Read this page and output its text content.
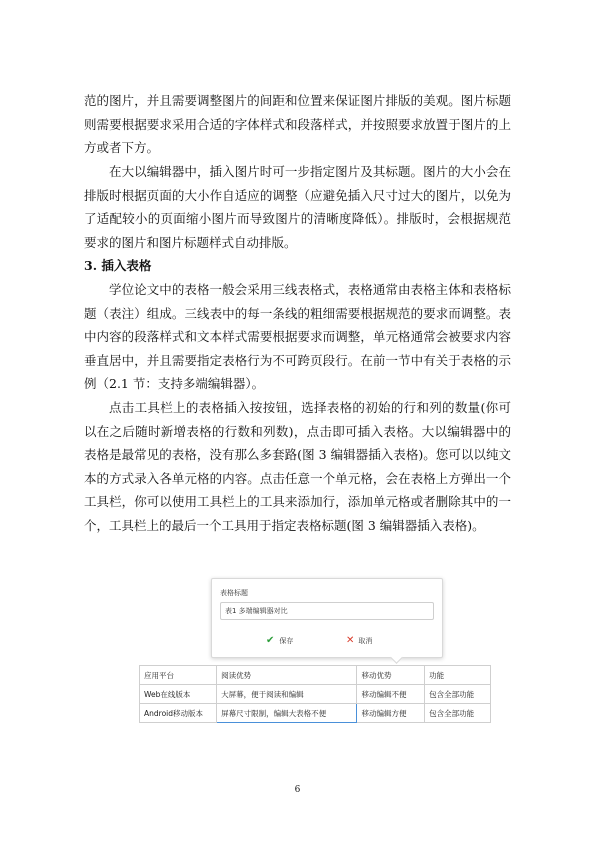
范的图片，并且需要调整图片的间距和位置来保证图片排版的美观。图片标题则需要根据要求采用合适的字体样式和段落样式，并按照要求放置于图片的上方或者下方。

在大以编辑器中，插入图片时可一步指定图片及其标题。图片的大小会在排版时根据页面的大小作自适应的调整（应避免插入尺寸过大的图片，以免为了适配较小的页面缩小图片而导致图片的清晰度降低）。排版时，会根据规范要求的图片和图片标题样式自动排版。

3. 插入表格

学位论文中的表格一般会采用三线表格式，表格通常由表格主体和表格标题（表注）组成。三线表中的每一条线的粗细需要根据规范的要求而调整。表中内容的段落样式和文本样式需要根据要求而调整，单元格通常会被要求内容垂直居中，并且需要指定表格行为不可跨页段行。在前一节中有关于表格的示例（2.1 节：支持多端编辑器）。

点击工具栏上的表格插入按按钮，选择表格的初始的行和列的数量(你可以在之后随时新增表格的行数和列数)，点击即可插入表格。大以编辑器中的表格是最常见的表格，没有那么多套路(图 3 编辑器插入表格)。您可以以纯文本的方式录入各单元格的内容。点击任意一个单元格，会在表格上方弹出一个工具栏，你可以使用工具栏上的工具来添加行，添加单元格或者删除其中的一个，工具栏上的最后一个工具用于指定表格标题(图 3 编辑器插入表格)。

表格标题
表1 多端编辑器对比
✔ 保存	✕ 取消
应用平台	阅读优势	移动优势	功能
Web在线版本	大屏幕，便于阅读和编辑	移动编辑不便	包含全部功能
Android移动版本	屏幕尺寸限制，编辑大表格不便	移动编辑方便	包含全部功能
6
